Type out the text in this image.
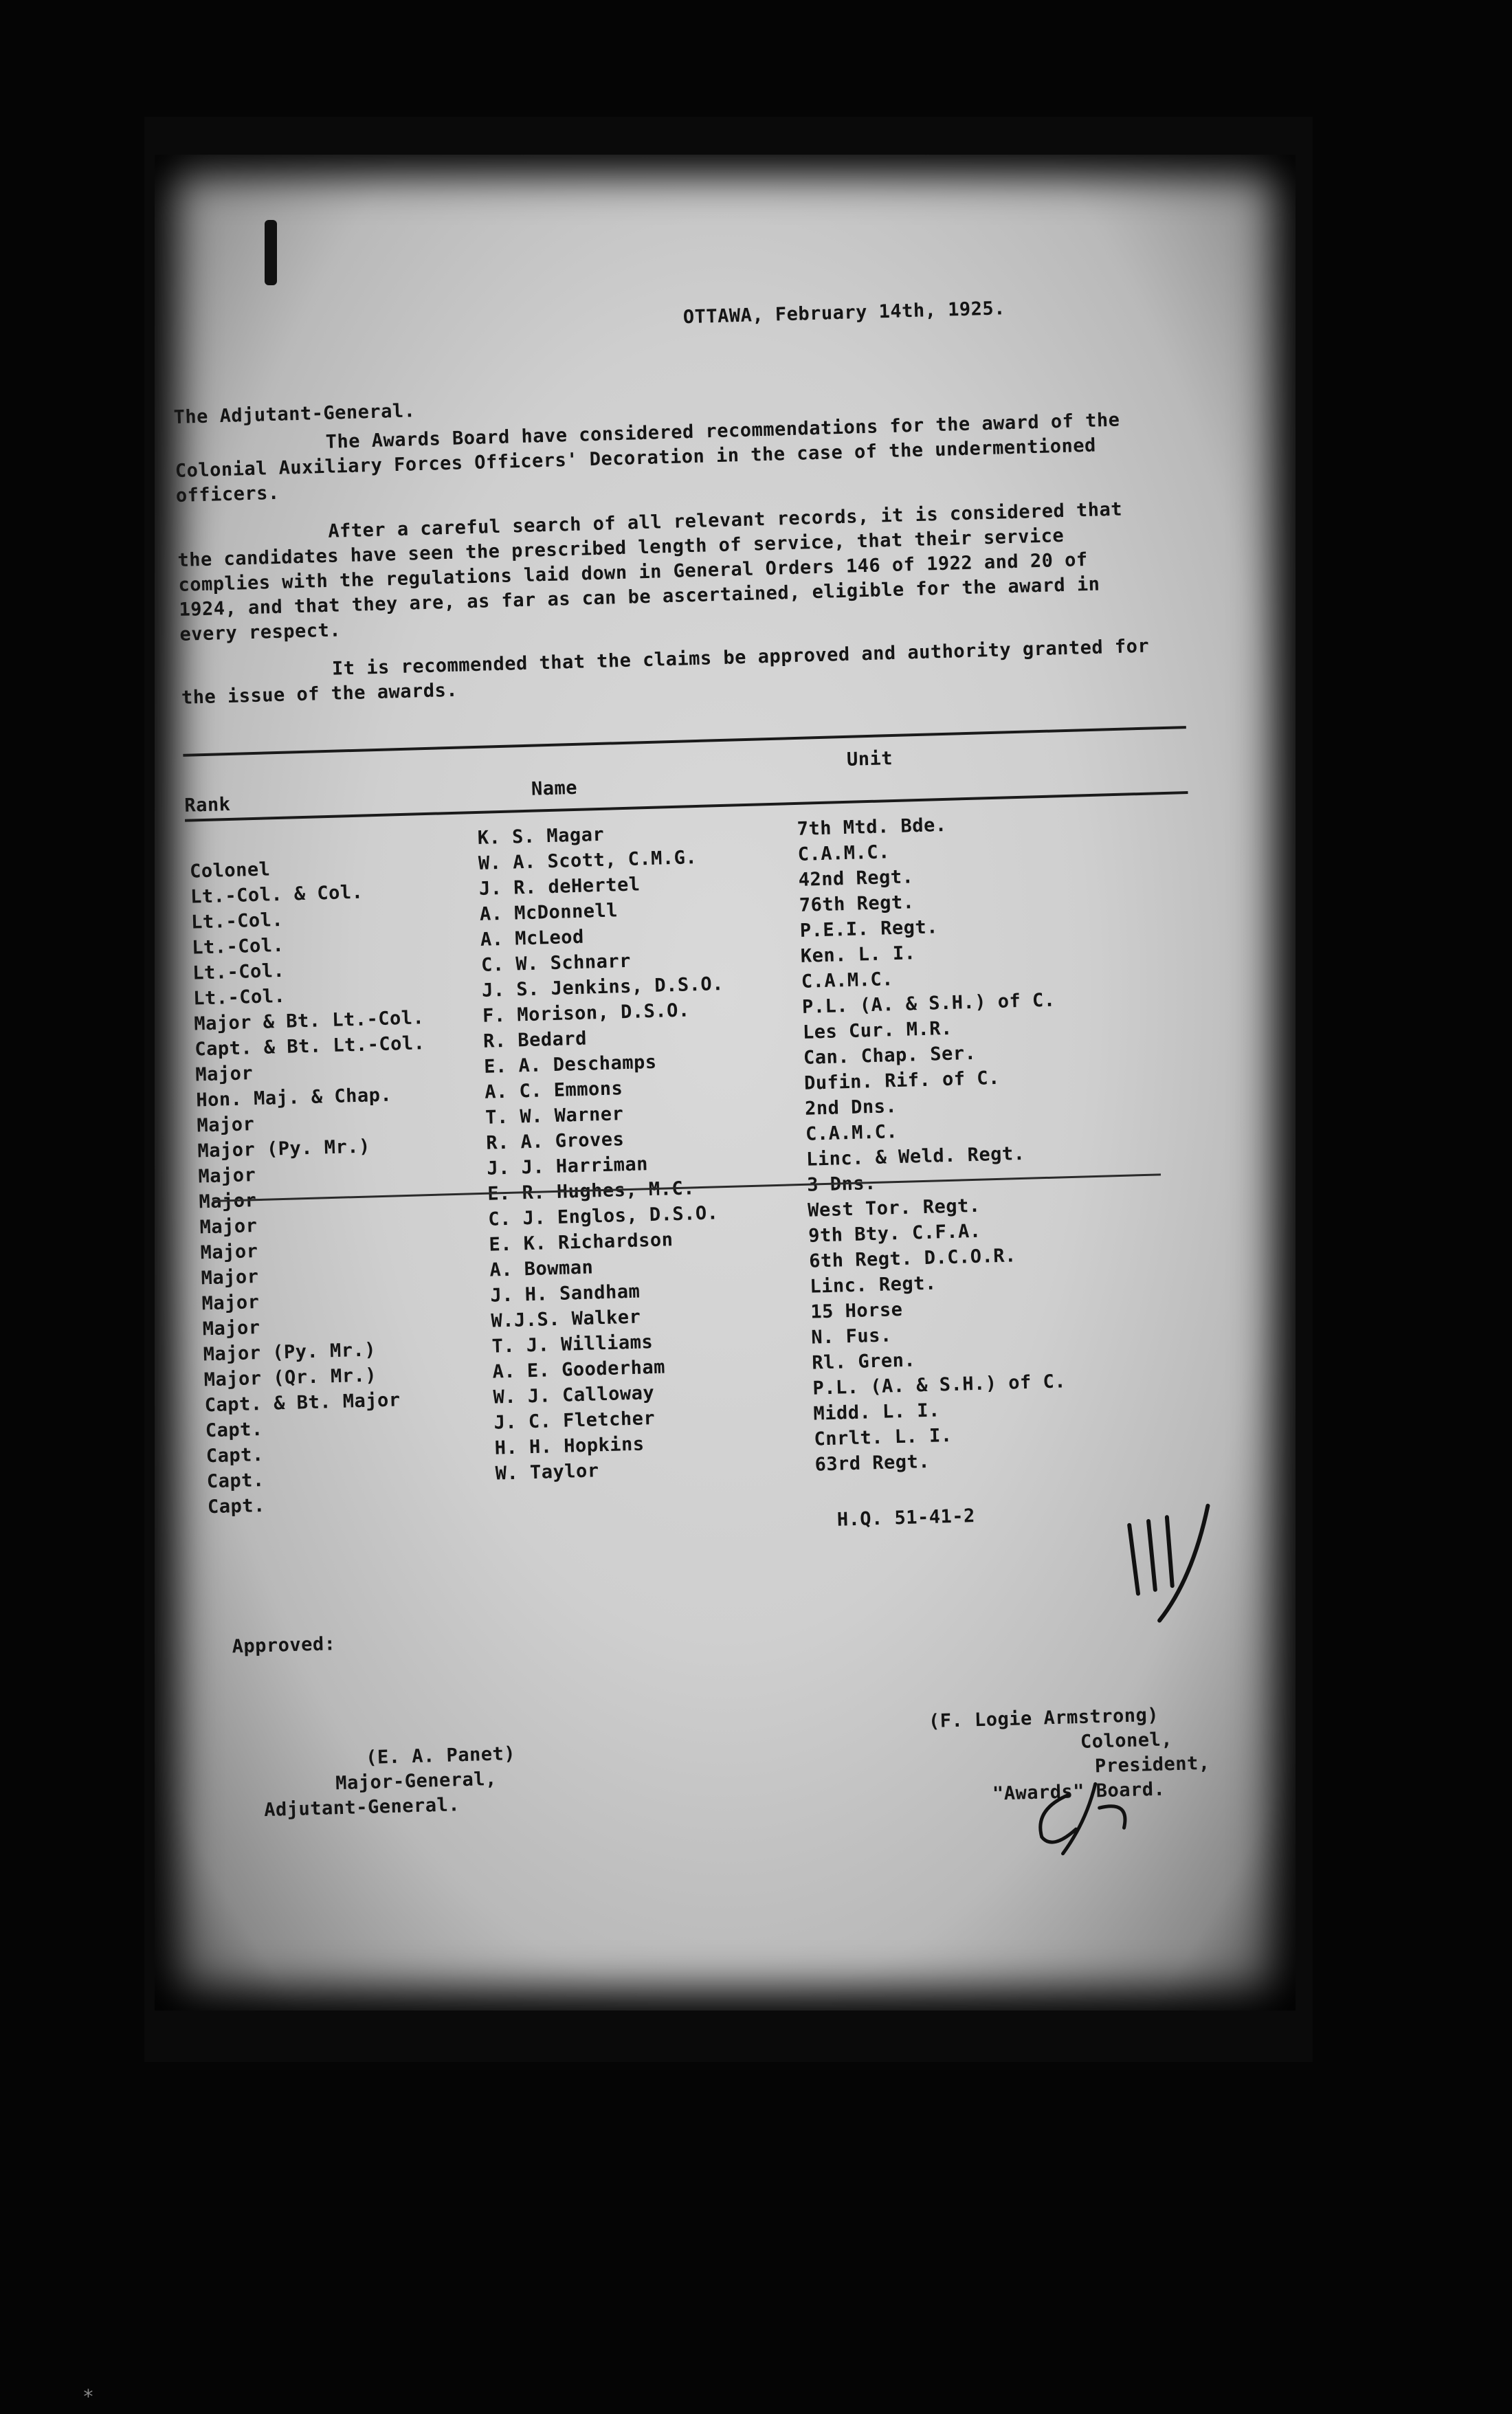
OTTAWA, February 14th, 1925.
The Adjutant-General.
The Awards Board have considered recommendations for the award of the Colonial Auxiliary Forces Officers' Decoration in the case of the undermentioned officers.
After a careful search of all relevant records, it is considered that the candidates have seen the prescribed length of service, that their service complies with the regulations laid down in General Orders 146 of 1922 and 20 of 1924, and that they are, as far as can be ascertained, eligible for the award in every respect.
It is recommended that the claims be approved and authority granted for the issue of the awards.
Unit
Name
Rank
Colonel
Lt.-Col. & Col.
Lt.-Col.
Lt.-Col.
Lt.-Col.
Lt.-Col.
Major & Bt. Lt.-Col.
Capt. & Bt. Lt.-Col.
Major
Hon. Maj. & Chap.
Major
Major (Py. Mr.)
Major
Major
Major
Major
Major
Major
Major
Major (Py. Mr.)
Major (Qr. Mr.)
Capt. & Bt. Major
Capt.
Capt.
Capt.
Capt.
K. S. Magar
W. A. Scott, C.M.G.
J. R. deHertel
A. McDonnell
A. McLeod
C. W. Schnarr
J. S. Jenkins, D.S.O.
F. Morison, D.S.O.
R. Bedard
E. A. Deschamps
A. C. Emmons
T. W. Warner
R. A. Groves
J. J. Harriman
E. R. Hughes, M.C.
C. J. Englos, D.S.O.
E. K. Richardson
A. Bowman
J. H. Sandham
W.J.S. Walker
T. J. Williams
A. E. Gooderham
W. J. Calloway
J. C. Fletcher
H. H. Hopkins
W. Taylor
7th Mtd. Bde.
C.A.M.C.
42nd Regt.
76th Regt.
P.E.I. Regt.
Ken. L. I.
C.A.M.C.
P.L. (A. & S.H.) of C.
Les Cur. M.R.
Can. Chap. Ser.
Dufin. Rif. of C.
2nd Dns.
C.A.M.C.
Linc. & Weld. Regt.
3 Dns.
West Tor. Regt.
9th Bty. C.F.A.
6th Regt. D.C.O.R.
Linc. Regt.
15 Horse
N. Fus.
Rl. Gren.
P.L. (A. & S.H.) of C.
Midd. L. I.
Cnrlt. L. I.
63rd Regt.
H.Q. 51-41-2
Approved:
(E. A. Panet)
Major-General,
Adjutant-General.
(F. Logie Armstrong)
Colonel,
President,
"Awards" Board.
*
